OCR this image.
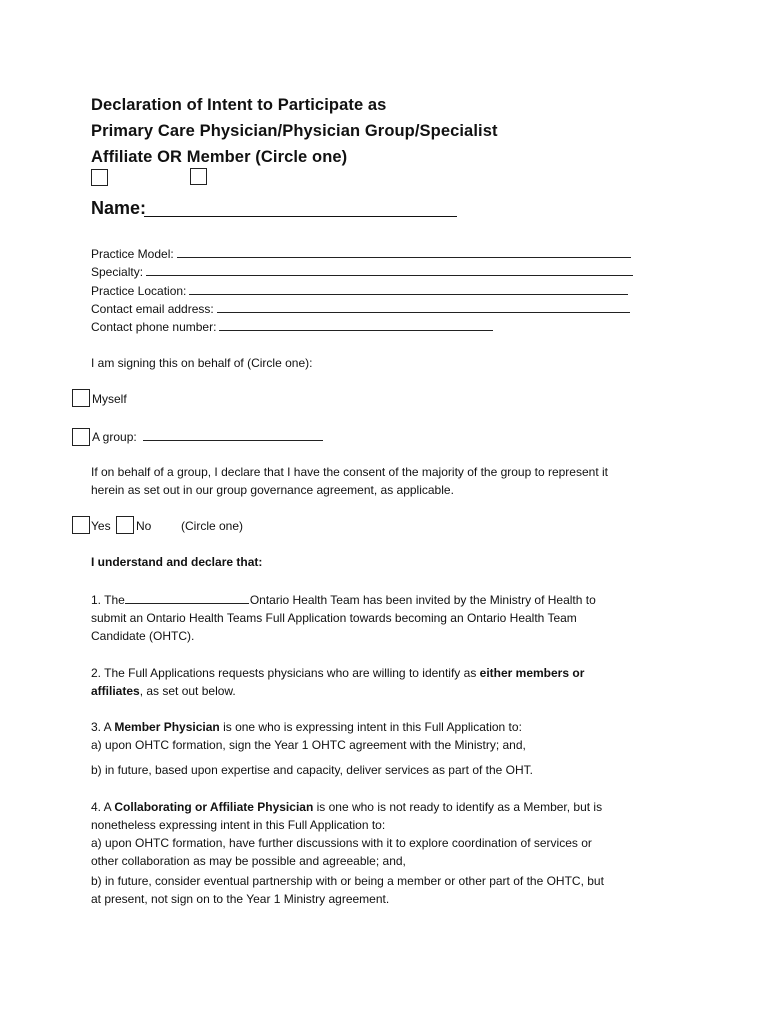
Declaration of Intent to Participate as
Primary Care Physician/Physician Group/Specialist
Affiliate OR Member (Circle one)
Name:
Practice Model:
Specialty:
Practice Location:
Contact email address:
Contact phone number:
I am signing this on behalf of (Circle one):
Myself
A group:
If on behalf of a group, I declare that I have the consent of the majority of the group to represent it
herein as set out in our group governance agreement, as applicable.
Yes No (Circle one)
I understand and declare that:
1. The	Ontario Health Team has been invited by the Ministry of Health to
submit an Ontario Health Teams Full Application towards becoming an Ontario Health Team
Candidate (OHTC).
2. The Full Applications requests physicians who are willing to identify as either members or
affiliates, as set out below.
3. A Member Physician is one who is expressing intent in this Full Application to:
a) upon OHTC formation, sign the Year 1 OHTC agreement with the Ministry; and,
b) in future, based upon expertise and capacity, deliver services as part of the OHT.
4. A Collaborating or Affiliate Physician is one who is not ready to identify as a Member, but is
nonetheless expressing intent in this Full Application to:
a) upon OHTC formation, have further discussions with it to explore coordination of services or
other collaboration as may be possible and agreeable; and,
b) in future, consider eventual partnership with or being a member or other part of the OHTC, but
at present, not sign on to the Year 1 Ministry agreement.
